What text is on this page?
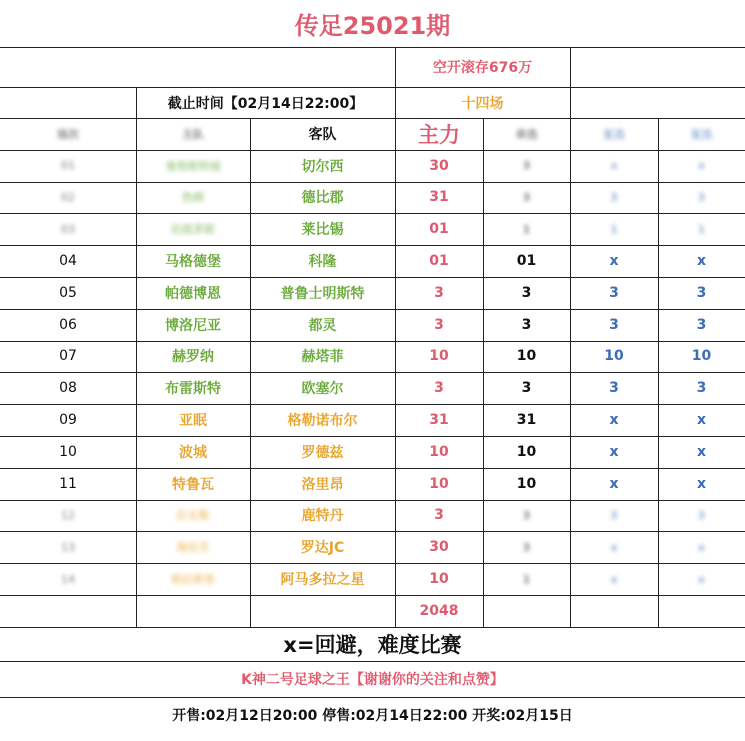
传足25021期
空开滚存676万
截止时间【02月14日22:00】	十四场
场次	主队	客队	主力	单选	复选	复选
01	曼彻斯特城	切尔西	30	3	x	x
02	热刺	德比郡	31	3	3	3
03	伯恩茅斯	莱比锡	01	1	1	1
04	马格德堡	科隆	01	01	x	x
05	帕德博恩	普鲁士明斯特	3	3	3	3
06	博洛尼亚	都灵	3	3	3	3
07	赫罗纳	赫塔菲	10	10	10	10
08	布雷斯特	欧塞尔	3	3	3	3
09	亚眠	格勒诺布尔	31	31	x	x
10	波城	罗德兹	10	10	x	x
11	特鲁瓦	洛里昂	10	10	x	x
12	拉瓦勒	鹿特丹	3	3	3	3
13	海伦芬	罗达JC	30	3	x	x
14	格拉斯哥	阿马多拉之星	10	1	x	x
2048
x=回避，难度比赛
K神二号足球之王【谢谢你的关注和点赞】
开售:02月12日20:00 停售:02月14日22:00 开奖:02月15日
